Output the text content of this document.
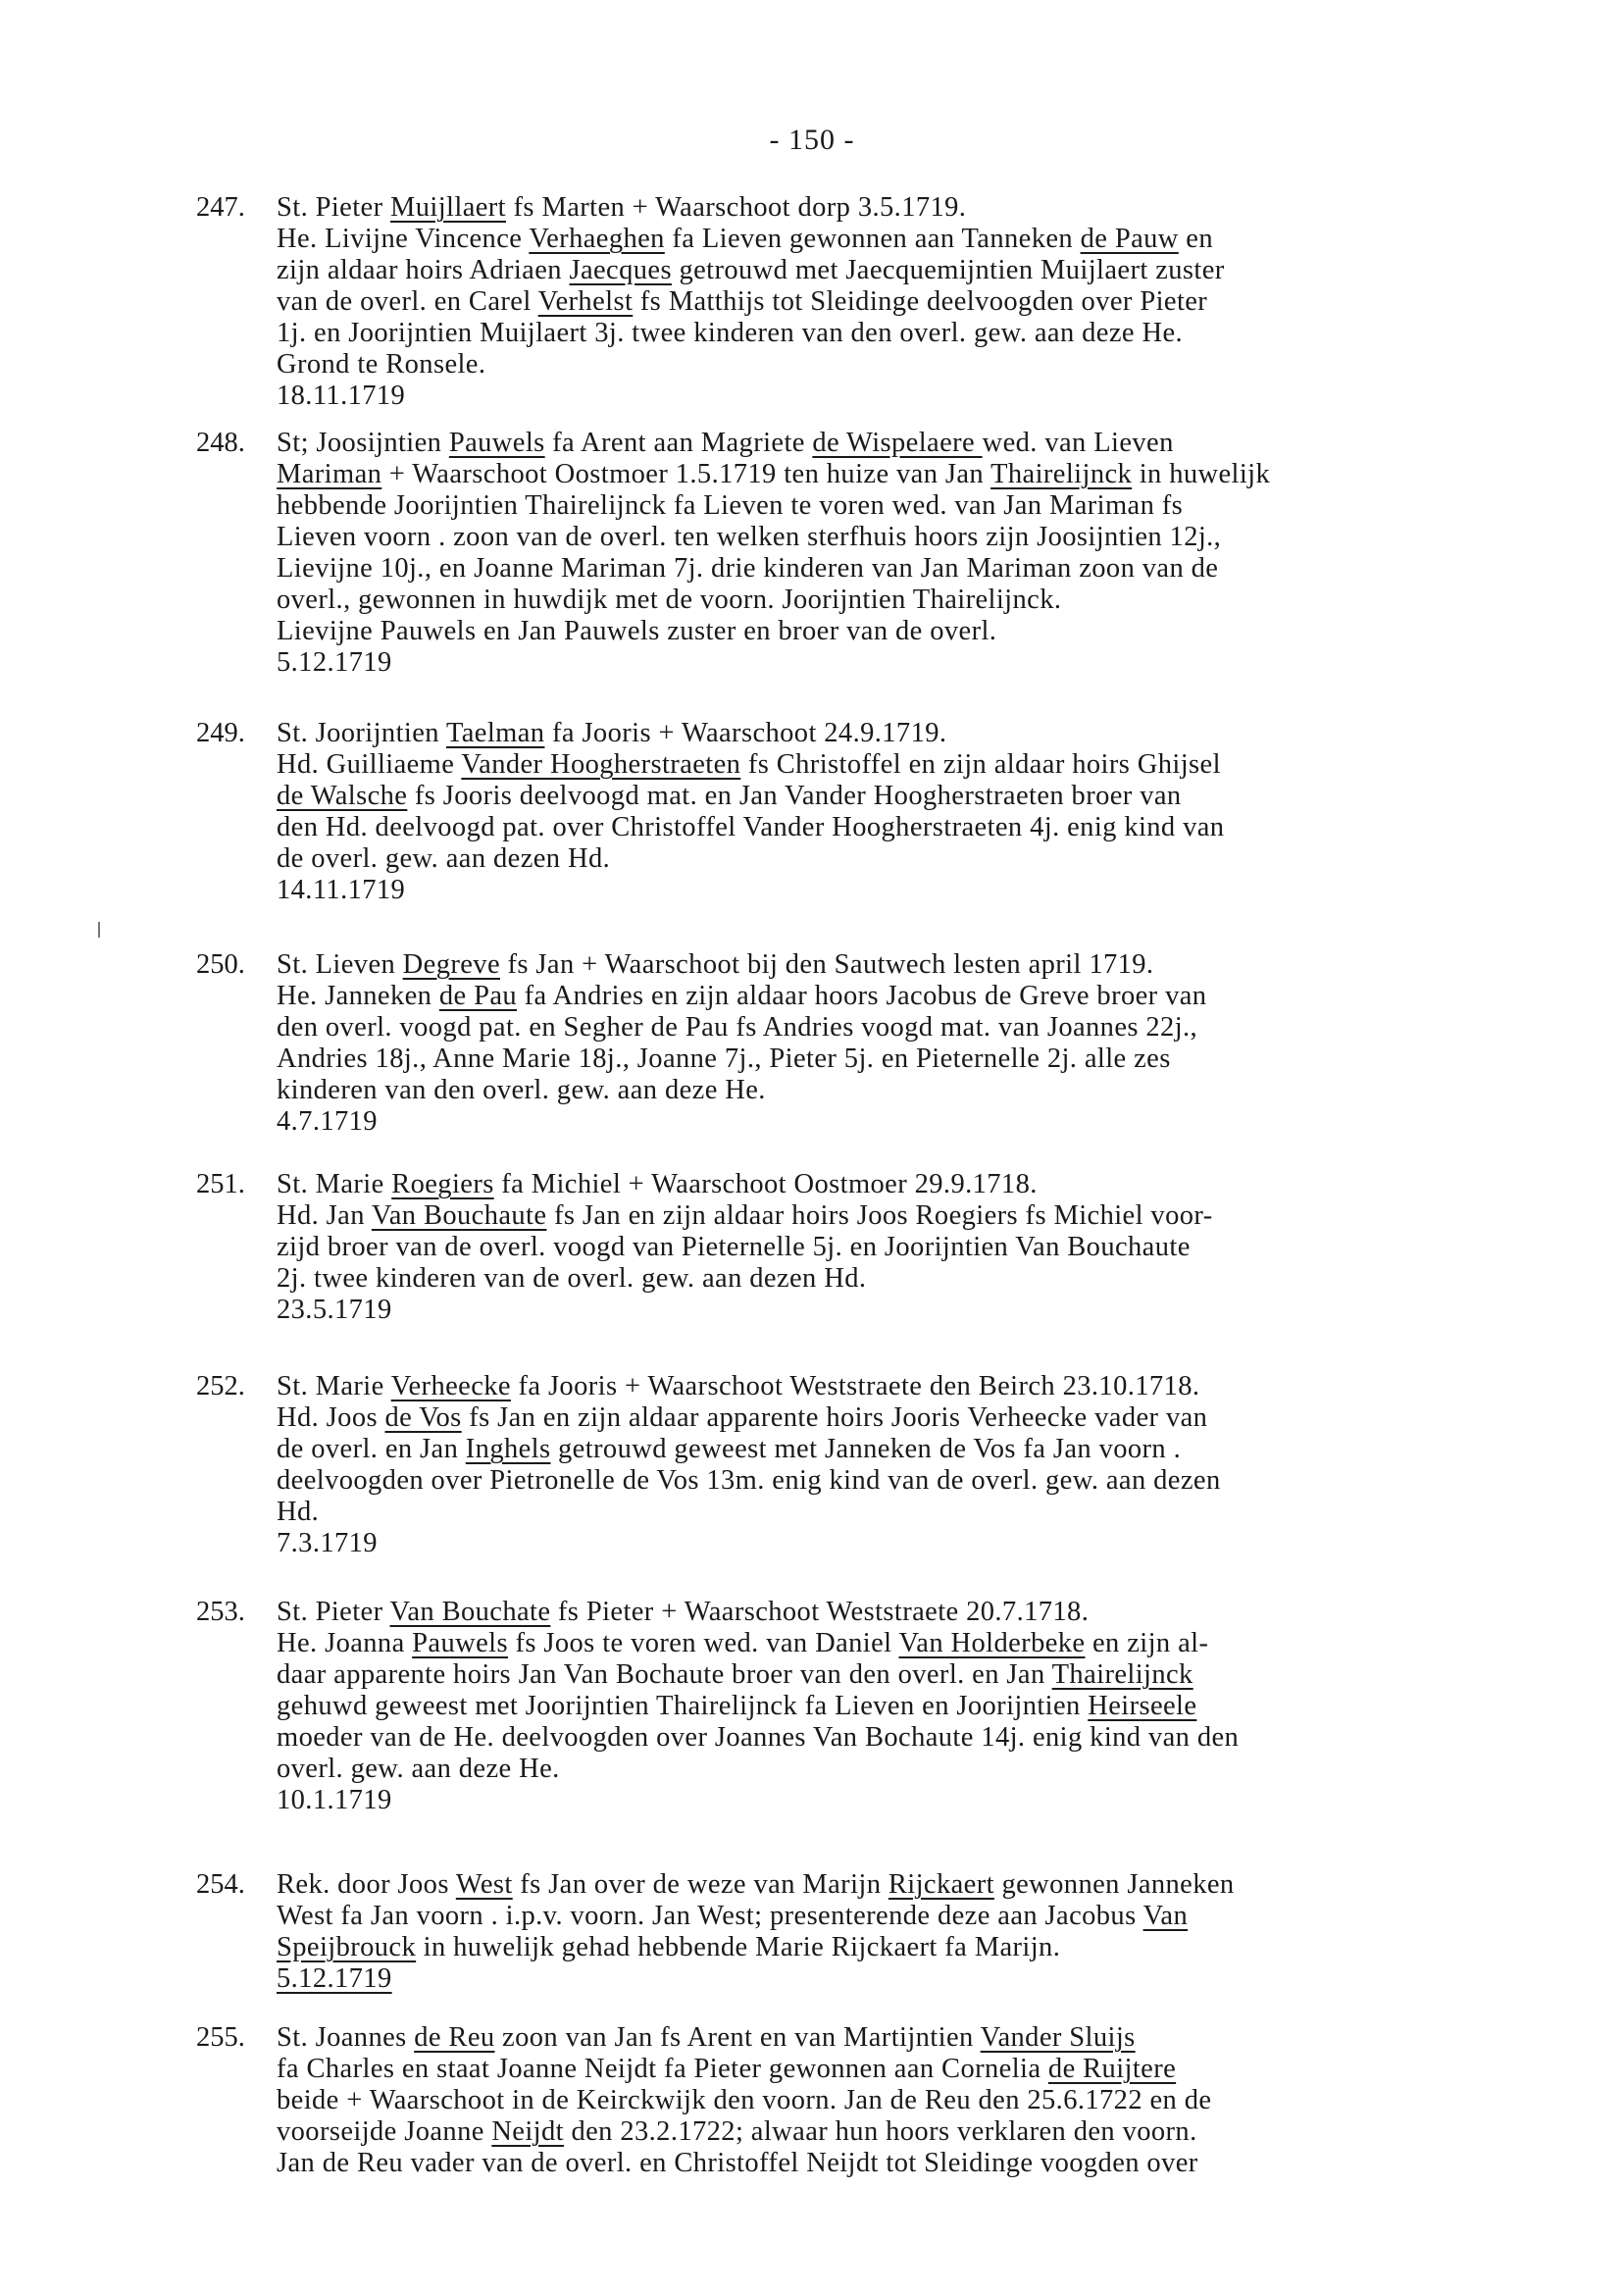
- 150 -
247.	St. Pieter Muijllaert fs Marten + Waarschoot dorp 3.5.1719.

He. Livijne Vincence Verhaeghen fa Lieven gewonnen aan Tanneken de Pauw en

zijn aldaar hoirs Adriaen Jaecques getrouwd met Jaecquemijntien Muijlaert zuster

van de overl. en Carel Verhelst fs Matthijs tot Sleidinge deelvoogden over Pieter

1j. en Joorijntien Muijlaert 3j. twee kinderen van den overl. gew. aan deze He.

Grond te Ronsele.

18.11.1719

248.	St; Joosijntien Pauwels fa Arent aan Magriete de Wispelaere wed. van Lieven

Mariman + Waarschoot Oostmoer 1.5.1719 ten huize van Jan Thairelijnck in huwelijk

hebbende Joorijntien Thairelijnck fa Lieven te voren wed. van Jan Mariman fs

Lieven voorn . zoon van de overl. ten welken sterfhuis hoors zijn Joosijntien 12j.,

Lievijne 10j., en Joanne Mariman 7j. drie kinderen van Jan Mariman zoon van de

overl., gewonnen in huwdijk met de voorn. Joorijntien Thairelijnck.

Lievijne Pauwels en Jan Pauwels zuster en broer van de overl.

5.12.1719

249.	St. Joorijntien Taelman fa Jooris + Waarschoot 24.9.1719.

Hd. Guilliaeme Vander Hoogherstraeten fs Christoffel en zijn aldaar hoirs Ghijsel

de Walsche fs Jooris deelvoogd mat. en Jan Vander Hoogherstraeten broer van

den Hd. deelvoogd pat. over Christoffel Vander Hoogherstraeten 4j. enig kind van

de overl. gew. aan dezen Hd.

14.11.1719

250.	St. Lieven Degreve fs Jan + Waarschoot bij den Sautwech lesten april 1719.

He. Janneken de Pau fa Andries en zijn aldaar hoors Jacobus de Greve broer van

den overl. voogd pat. en Segher de Pau fs Andries voogd mat. van Joannes 22j.,

Andries 18j., Anne Marie 18j., Joanne 7j., Pieter 5j. en Pieternelle 2j. alle zes

kinderen van den overl. gew. aan deze He.

4.7.1719

251.	St. Marie Roegiers fa Michiel + Waarschoot Oostmoer 29.9.1718.

Hd. Jan Van Bouchaute fs Jan en zijn aldaar hoirs Joos Roegiers fs Michiel voor-

zijd broer van de overl. voogd van Pieternelle 5j. en Joorijntien Van Bouchaute

2j. twee kinderen van de overl. gew. aan dezen Hd.

23.5.1719

252.	St. Marie Verheecke fa Jooris + Waarschoot Weststraete den Beirch 23.10.1718.

Hd. Joos de Vos fs Jan en zijn aldaar apparente hoirs Jooris Verheecke vader van

de overl. en Jan Inghels getrouwd geweest met Janneken de Vos fa Jan voorn .

deelvoogden over Pietronelle de Vos 13m. enig kind van de overl. gew. aan dezen

Hd.

7.3.1719

253.	St. Pieter Van Bouchate fs Pieter + Waarschoot Weststraete 20.7.1718.

He. Joanna Pauwels fs Joos te voren wed. van Daniel Van Holderbeke en zijn al-

daar apparente hoirs Jan Van Bochaute broer van den overl. en Jan Thairelijnck

gehuwd geweest met Joorijntien Thairelijnck fa Lieven en Joorijntien Heirseele

moeder van de He. deelvoogden over Joannes Van Bochaute 14j. enig kind van den

overl. gew. aan deze He.

10.1.1719

254.	Rek. door Joos West fs Jan over de weze van Marijn Rijckaert gewonnen Janneken

West fa Jan voorn . i.p.v. voorn. Jan West; presenterende deze aan Jacobus Van

Speijbrouck in huwelijk gehad hebbende Marie Rijckaert fa Marijn.

5.12.1719

255.	St. Joannes de Reu zoon van Jan fs Arent en van Martijntien Vander Sluijs

fa Charles en staat Joanne Neijdt fa Pieter gewonnen aan Cornelia de Ruijtere

beide + Waarschoot in de Keirckwijk den voorn. Jan de Reu den 25.6.1722 en de

voorseijde Joanne Neijdt den 23.2.1722; alwaar hun hoors verklaren den voorn.

Jan de Reu vader van de overl. en Christoffel Neijdt tot Sleidinge voogden over
